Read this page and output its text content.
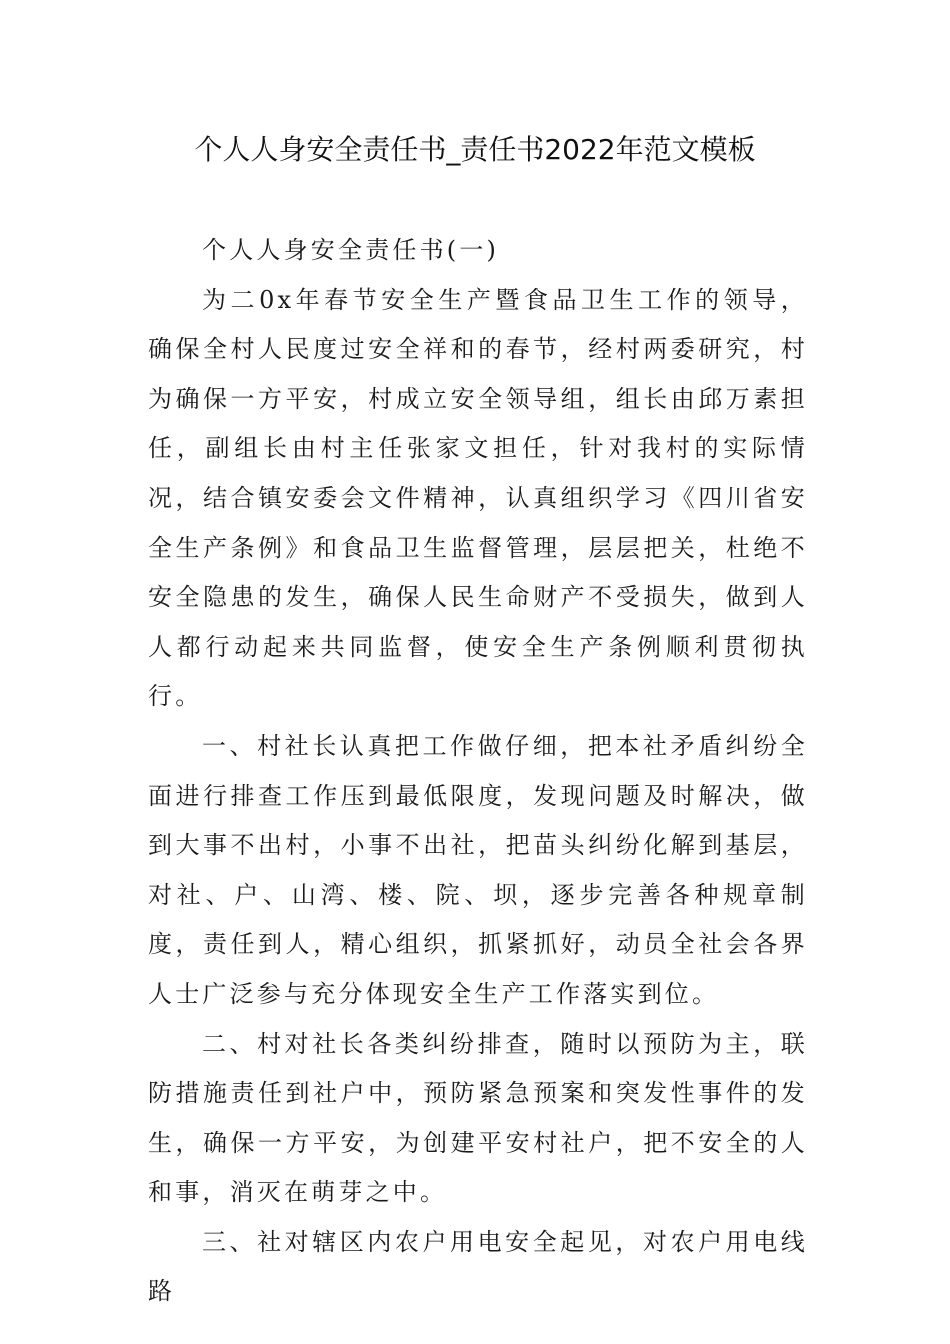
个人人身安全责任书_责任书2022年范文模板

个人人身安全责任书(一)

为二0x年春节安全生产暨食品卫生工作的领导，确保全村人民度过安全祥和的春节，经村两委研究，村为确保一方平安，村成立安全领导组，组长由邱万素担任，副组长由村主任张家文担任，针对我村的实际情况，结合镇安委会文件精神，认真组织学习《四川省安全生产条例》和食品卫生监督管理，层层把关，杜绝不安全隐患的发生，确保人民生命财产不受损失，做到人人都行动起来共同监督，使安全生产条例顺利贯彻执行。

一、村社长认真把工作做仔细，把本社矛盾纠纷全面进行排查工作压到最低限度，发现问题及时解决，做到大事不出村，小事不出社，把苗头纠纷化解到基层，对社、户、山湾、楼、院、坝，逐步完善各种规章制度，责任到人，精心组织，抓紧抓好，动员全社会各界人士广泛参与充分体现安全生产工作落实到位。

二、村对社长各类纠纷排查，随时以预防为主，联防措施责任到社户中，预防紧急预案和突发性事件的发生，确保一方平安，为创建平安村社户，把不安全的人和事，消灭在萌芽之中。

三、社对辖区内农户用电安全起见，对农户用电线路
